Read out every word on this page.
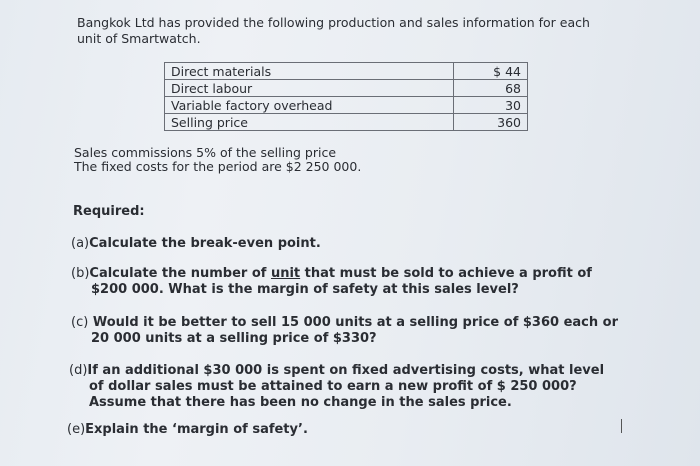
Bangkok Ltd has provided the following production and sales information for each
unit of Smartwatch.
Direct materials	$ 44
Direct labour	68
Variable factory overhead	30
Selling price	360
Sales commissions 5% of the selling price
The fixed costs for the period are $2 250 000.
Required:
(a)Calculate the break-even point.
(b)Calculate the number of unit that must be sold to achieve a profit of
$200 000. What is the margin of safety at this sales level?
(c) Would it be better to sell 15 000 units at a selling price of $360 each or
20 000 units at a selling price of $330?
(d)If an additional $30 000 is spent on fixed advertising costs, what level
of dollar sales must be attained to earn a new profit of $ 250 000?
Assume that there has been no change in the sales price.
(e)Explain the ‘margin of safety’.
